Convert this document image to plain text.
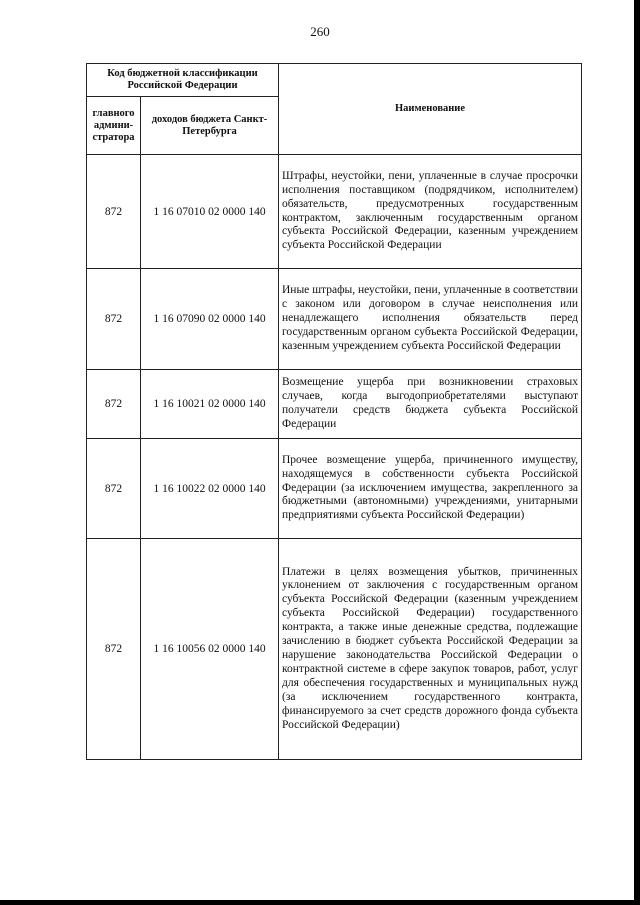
260
Код бюджетной классификации Российской Федерации		Наименование
главного админи-стратора	доходов бюджета Санкт-Петербурга	
872	1 16 07010 02 0000 140	Штрафы, неустойки, пени, уплаченные в случае просрочки исполнения поставщиком (подрядчиком, исполнителем) обязательств, предусмотренных государственным контрактом, заключенным государственным органом субъекта Российской Федерации, казенным учреждением субъекта Российской Федерации
872	1 16 07090 02 0000 140	Иные штрафы, неустойки, пени, уплаченные в соответствии с законом или договором в случае неисполнения или ненадлежащего исполнения обязательств перед государственным органом субъекта Российской Федерации, казенным учреждением субъекта Российской Федерации
872	1 16 10021 02 0000 140	Возмещение ущерба при возникновении страховых случаев, когда выгодоприобретателями выступают получатели средств бюджета субъекта Российской Федерации
872	1 16 10022 02 0000 140	Прочее возмещение ущерба, причиненного имуществу, находящемуся в собственности субъекта Российской Федерации (за исключением имущества, закрепленного за бюджетными (автономными) учреждениями, унитарными предприятиями субъекта Российской Федерации)
872	1 16 10056 02 0000 140	Платежи в целях возмещения убытков, причиненных уклонением от заключения с государственным органом субъекта Российской Федерации (казенным учреждением субъекта Российской Федерации) государственного контракта, а также иные денежные средства, подлежащие зачислению в бюджет субъекта Российской Федерации за нарушение законодательства Российской Федерации о контрактной системе в сфере закупок товаров, работ, услуг для обеспечения государственных и муниципальных нужд (за исключением государственного контракта, финансируемого за счет средств дорожного фонда субъекта Российской Федерации)
